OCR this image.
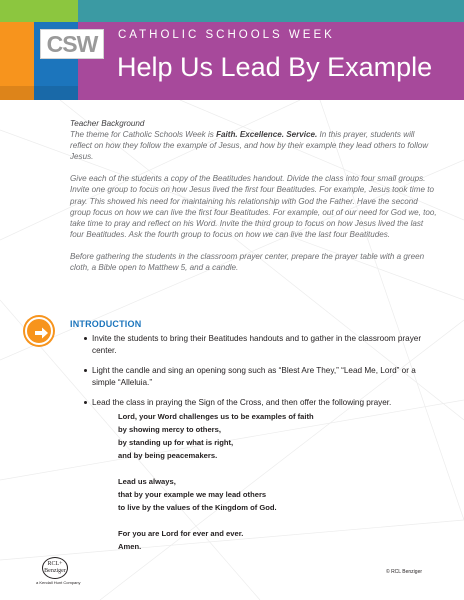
CSW	CATHOLIC SCHOOLS WEEK
Help Us Lead By Example

Teacher Background

The theme for Catholic Schools Week is Faith. Excellence. Service. In this prayer, students will reflect on how they follow the example of Jesus, and how by their example they lead others to follow Jesus.

Give each of the students a copy of the Beatitudes handout. Divide the class into four small groups. Invite one group to focus on how Jesus lived the first four Beatitudes. For example, Jesus took time to pray. This showed his need for maintaining his relationship with God the Father. Have the second group focus on how we can live the first four Beatitudes. For example, out of our need for God we, too, take time to pray and reflect on his Word. Invite the third group to focus on how Jesus lived the last four Beatitudes. Ask the fourth group to focus on how we can live the last four Beatitudes.

Before gathering the students in the classroom prayer center, prepare the prayer table with a green cloth, a Bible open to Matthew 5, and a candle.

INTRODUCTION
Invite the students to bring their Beatitudes handouts and to gather in the classroom prayer center.
Light the candle and sing an opening song such as “Blest Are They,” “Lead Me, Lord” or a simple “Alleluia.”
Lead the class in praying the Sign of the Cross, and then offer the following prayer.
Lord, your Word challenges us to be examples of faith
by showing mercy to others,
by standing up for what is right,
and by being peacemakers.
Lead us always,
that by your example we may lead others
to live by the values of the Kingdom of God.
For you are Lord for ever and ever.
Amen.
RCL+ Benziger
a Kendall Hunt Company
© RCL Benziger
